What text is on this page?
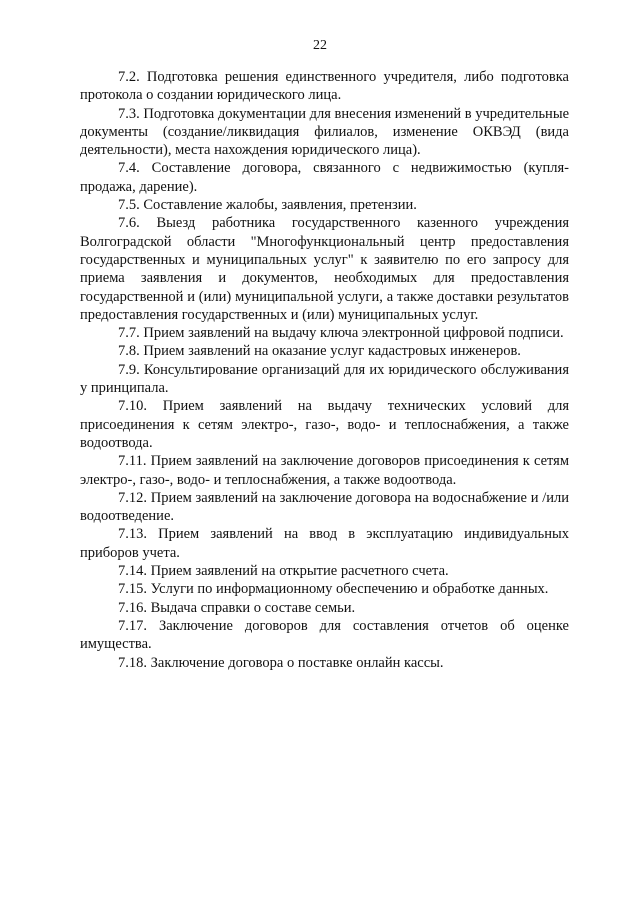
22

7.2. Подготовка решения единственного учредителя, либо подготовка протокола о создании юридического лица.

7.3. Подготовка документации для внесения изменений в учредительные документы (создание/ликвидация филиалов, изменение ОКВЭД (вида деятельности), места нахождения юридического лица).

7.4. Составление договора, связанного с недвижимостью (купля-продажа, дарение).

7.5. Составление жалобы, заявления, претензии.

7.6. Выезд работника государственного казенного учреждения Волгоградской области "Многофункциональный центр предоставления государственных и муниципальных услуг" к заявителю по его запросу для приема заявления и документов, необходимых для предоставления государственной и (или) муниципальной услуги, а также доставки результатов предоставления государственных и (или) муниципальных услуг.

7.7. Прием заявлений на выдачу ключа электронной цифровой подписи.

7.8. Прием заявлений на оказание услуг кадастровых инженеров.

7.9. Консультирование организаций для их юридического обслуживания у принципала.

7.10. Прием заявлений на выдачу технических условий для присоединения к сетям электро-, газо-, водо- и теплоснабжения, а также водоотвода.

7.11. Прием заявлений на заключение договоров присоединения к сетям электро-, газо-, водо- и теплоснабжения, а также водоотвода.

7.12. Прием заявлений на заключение договора на водоснабжение и /или водоотведение.

7.13. Прием заявлений на ввод в эксплуатацию индивидуальных приборов учета.

7.14. Прием заявлений на открытие расчетного счета.

7.15. Услуги по информационному обеспечению и обработке данных.

7.16. Выдача справки о составе семьи.

7.17. Заключение договоров для составления отчетов об оценке имущества.

7.18. Заключение договора о поставке онлайн кассы.
